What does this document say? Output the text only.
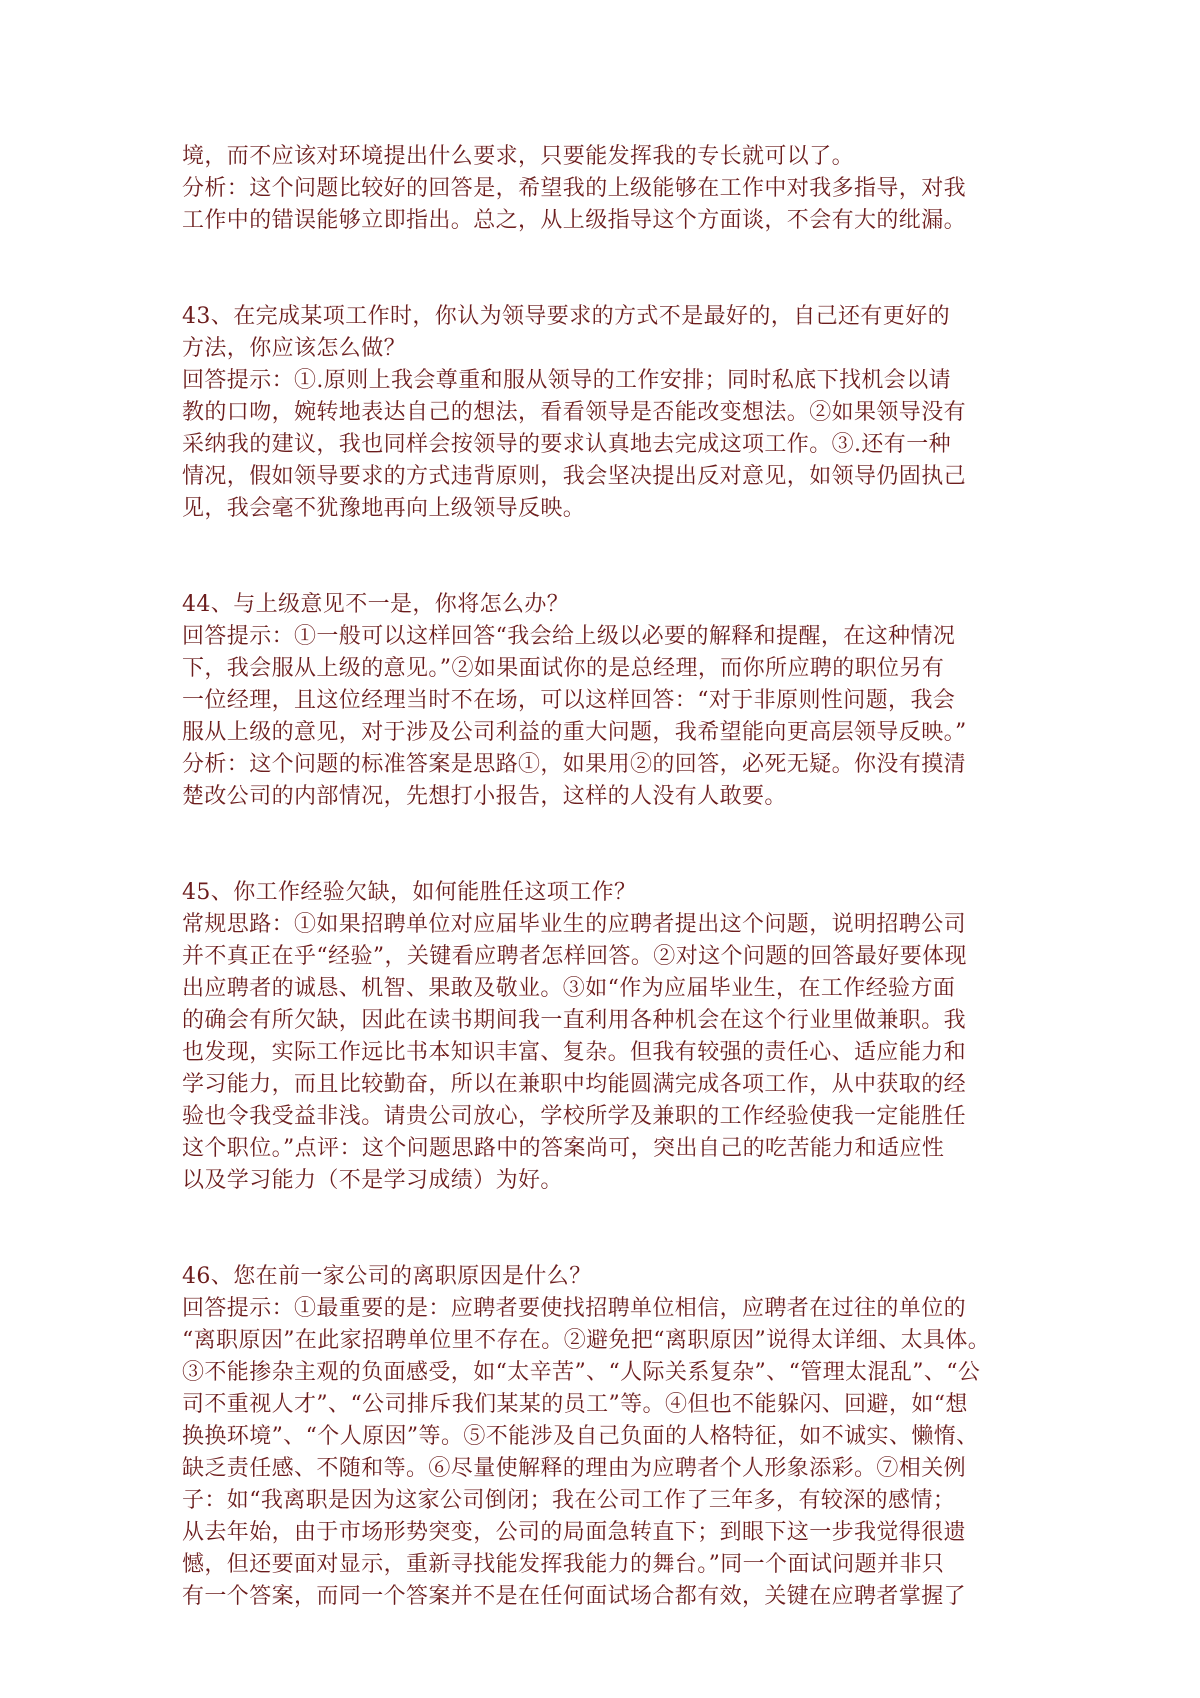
境，而不应该对环境提出什么要求，只要能发挥我的专长就可以了。
分析：这个问题比较好的回答是，希望我的上级能够在工作中对我多指导，对我
工作中的错误能够立即指出。总之，从上级指导这个方面谈，不会有大的纰漏。
43、在完成某项工作时，你认为领导要求的方式不是最好的，自己还有更好的
方法，你应该怎么做？
回答提示：①.原则上我会尊重和服从领导的工作安排；同时私底下找机会以请
教的口吻，婉转地表达自己的想法，看看领导是否能改变想法。②如果领导没有
采纳我的建议，我也同样会按领导的要求认真地去完成这项工作。③.还有一种
情况，假如领导要求的方式违背原则，我会坚决提出反对意见，如领导仍固执己
见，我会毫不犹豫地再向上级领导反映。
44、与上级意见不一是，你将怎么办？
回答提示：①一般可以这样回答“我会给上级以必要的解释和提醒，在这种情况
下，我会服从上级的意见。”②如果面试你的是总经理，而你所应聘的职位另有
一位经理，且这位经理当时不在场，可以这样回答：“对于非原则性问题，我会
服从上级的意见，对于涉及公司利益的重大问题，我希望能向更高层领导反映。”
分析：这个问题的标准答案是思路①，如果用②的回答，必死无疑。你没有摸清
楚改公司的内部情况，先想打小报告，这样的人没有人敢要。
45、你工作经验欠缺，如何能胜任这项工作？
常规思路：①如果招聘单位对应届毕业生的应聘者提出这个问题，说明招聘公司
并不真正在乎“经验”，关键看应聘者怎样回答。②对这个问题的回答最好要体现
出应聘者的诚恳、机智、果敢及敬业。③如“作为应届毕业生，在工作经验方面
的确会有所欠缺，因此在读书期间我一直利用各种机会在这个行业里做兼职。我
也发现，实际工作远比书本知识丰富、复杂。但我有较强的责任心、适应能力和
学习能力，而且比较勤奋，所以在兼职中均能圆满完成各项工作，从中获取的经
验也令我受益非浅。请贵公司放心，学校所学及兼职的工作经验使我一定能胜任
这个职位。”点评：这个问题思路中的答案尚可，突出自己的吃苦能力和适应性
以及学习能力（不是学习成绩）为好。
46、您在前一家公司的离职原因是什么？
回答提示：①最重要的是：应聘者要使找招聘单位相信，应聘者在过往的单位的
“离职原因”在此家招聘单位里不存在。②避免把“离职原因”说得太详细、太具体。
③不能掺杂主观的负面感受，如“太辛苦”、“人际关系复杂”、“管理太混乱”、“公
司不重视人才”、“公司排斥我们某某的员工”等。④但也不能躲闪、回避，如“想
换换环境”、“个人原因”等。⑤不能涉及自己负面的人格特征，如不诚实、懒惰、
缺乏责任感、不随和等。⑥尽量使解释的理由为应聘者个人形象添彩。⑦相关例
子：如“我离职是因为这家公司倒闭；我在公司工作了三年多，有较深的感情；
从去年始，由于市场形势突变，公司的局面急转直下；到眼下这一步我觉得很遗
憾，但还要面对显示，重新寻找能发挥我能力的舞台。”同一个面试问题并非只
有一个答案，而同一个答案并不是在任何面试场合都有效，关键在应聘者掌握了
